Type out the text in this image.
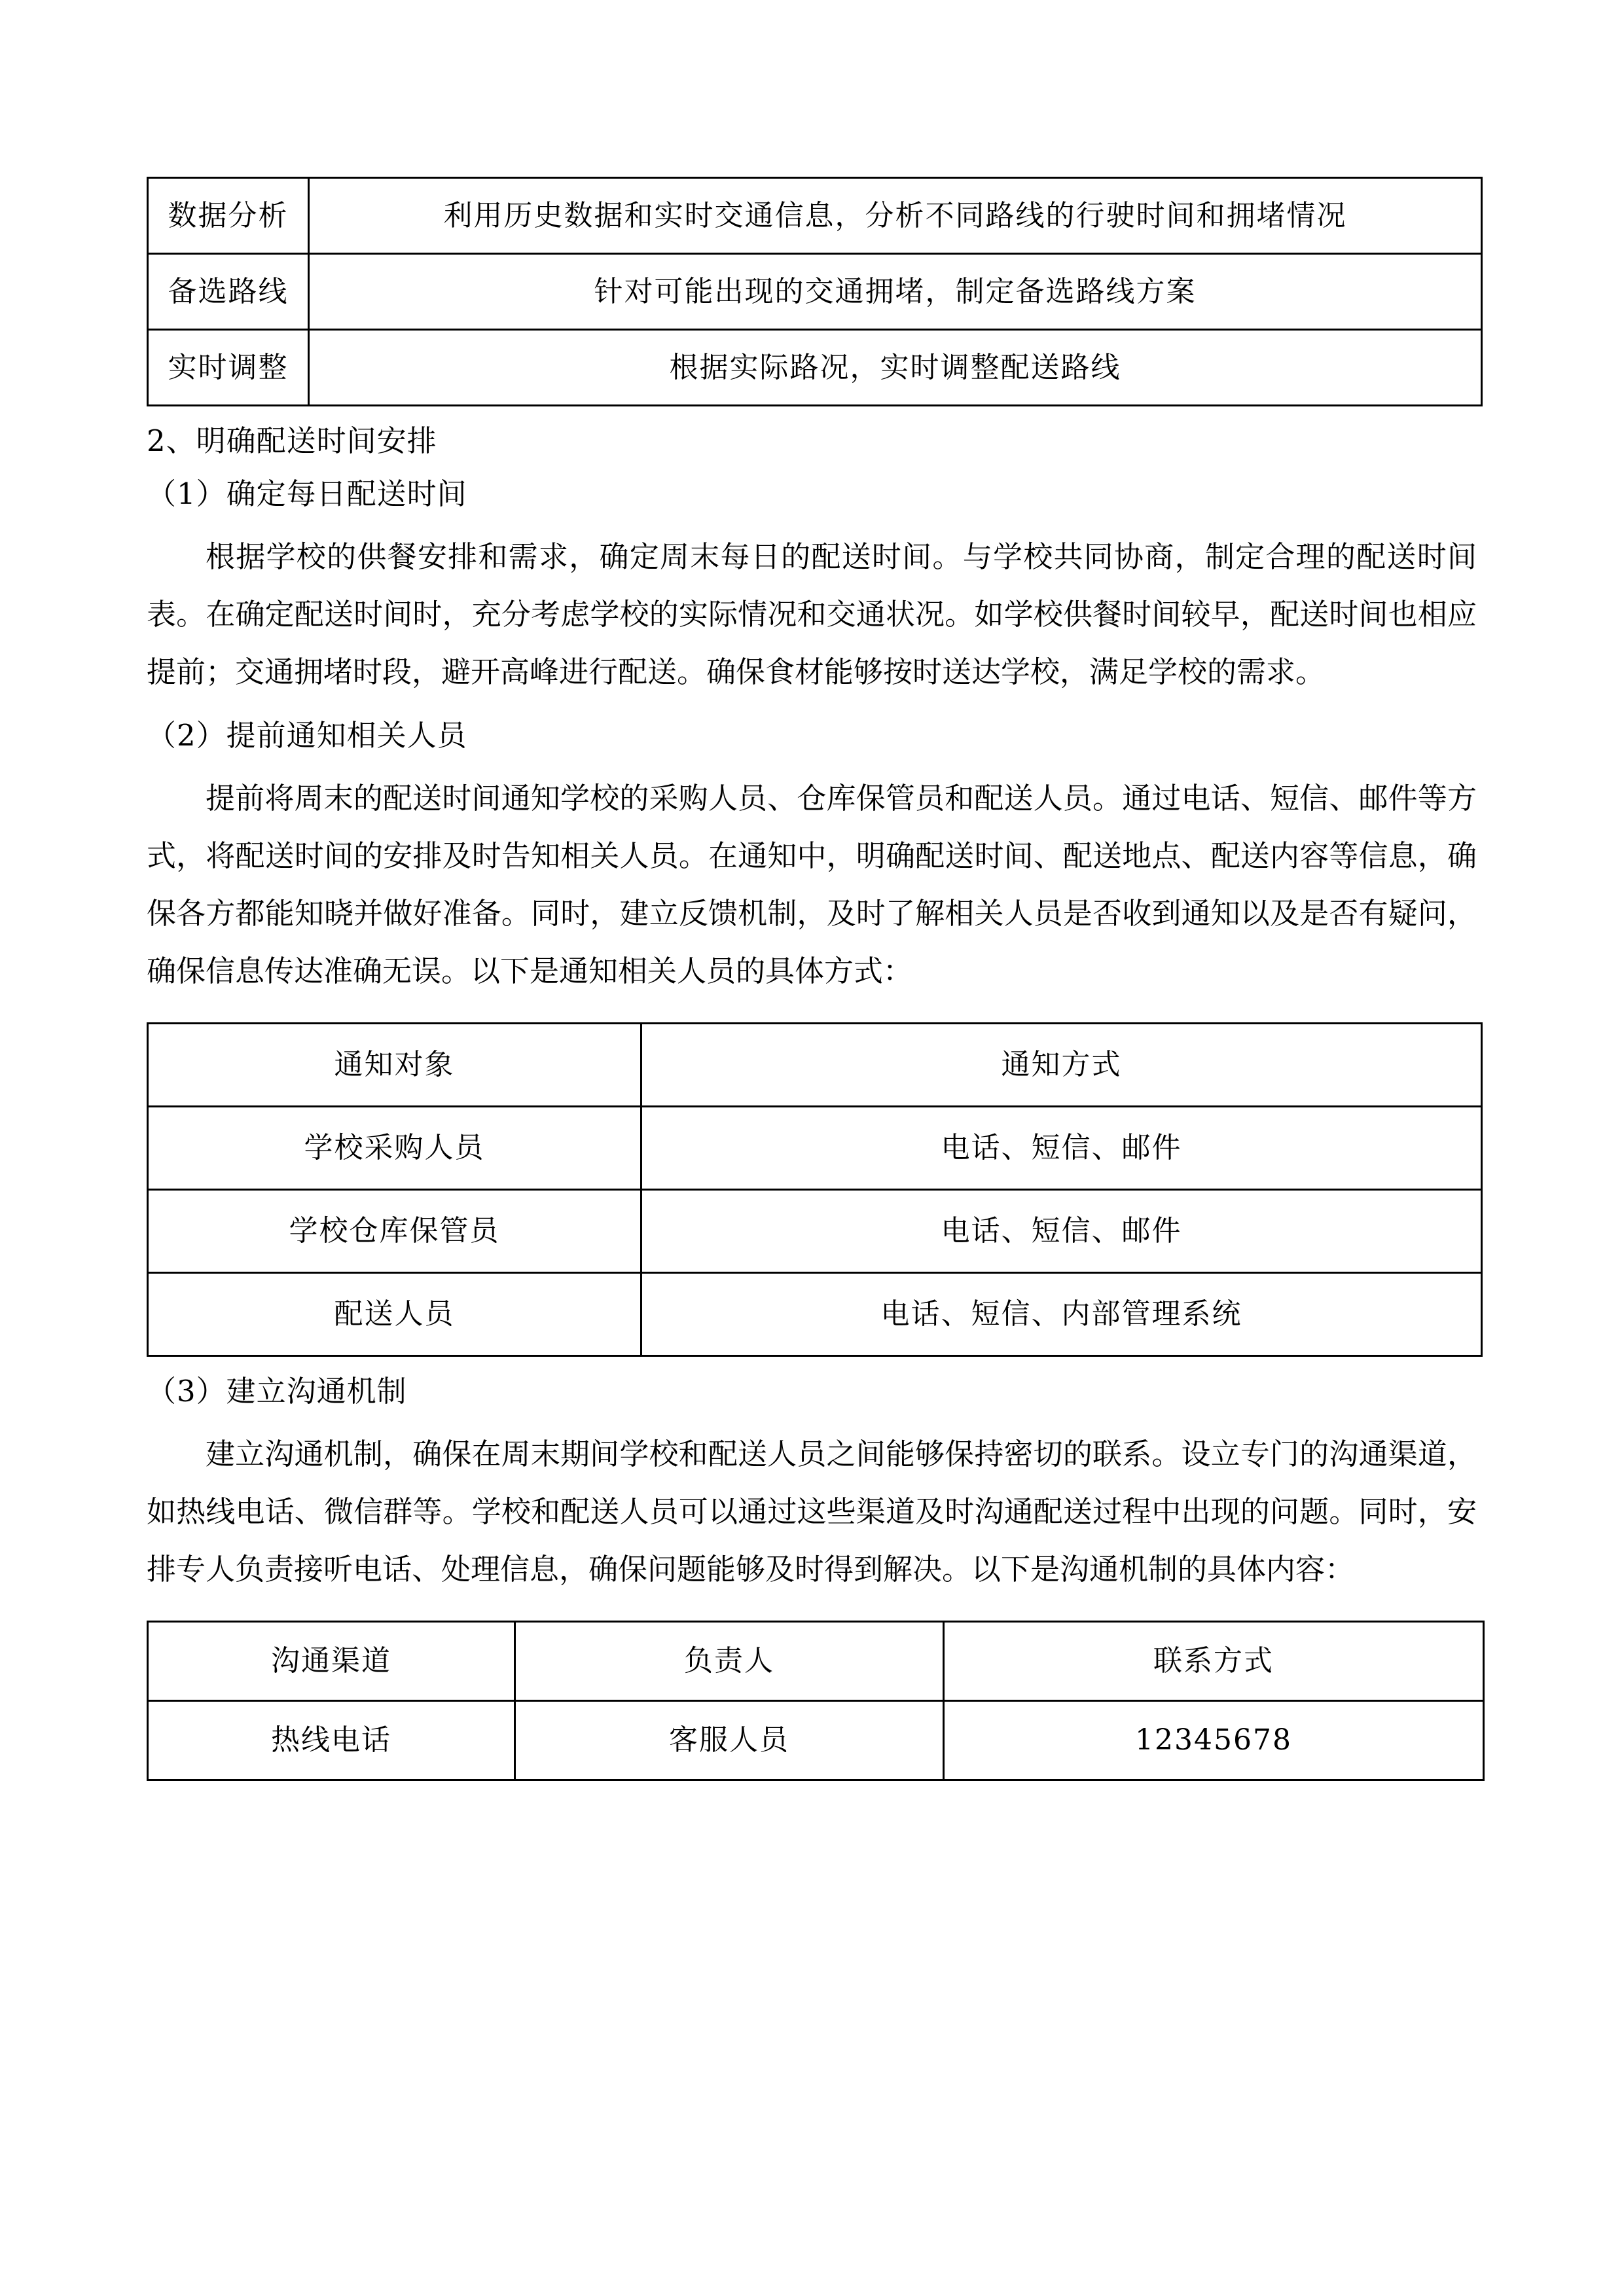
数据分析	利用历史数据和实时交通信息，分析不同路线的行驶时间和拥堵情况
备选路线	针对可能出现的交通拥堵，制定备选路线方案
实时调整	根据实际路况，实时调整配送路线

2、明确配送时间安排

（1）确定每日配送时间

根据学校的供餐安排和需求，确定周末每日的配送时间。与学校共同协商，制定合理的配送时间表。在确定配送时间时，充分考虑学校的实际情况和交通状况。如学校供餐时间较早，配送时间也相应提前；交通拥堵时段，避开高峰进行配送。确保食材能够按时送达学校，满足学校的需求。

（2）提前通知相关人员

提前将周末的配送时间通知学校的采购人员、仓库保管员和配送人员。通过电话、短信、邮件等方式，将配送时间的安排及时告知相关人员。在通知中，明确配送时间、配送地点、配送内容等信息，确保各方都能知晓并做好准备。同时，建立反馈机制，及时了解相关人员是否收到通知以及是否有疑问，确保信息传达准确无误。以下是通知相关人员的具体方式：

通知对象	通知方式
学校采购人员	电话、短信、邮件
学校仓库保管员	电话、短信、邮件
配送人员	电话、短信、内部管理系统

（3）建立沟通机制

建立沟通机制，确保在周末期间学校和配送人员之间能够保持密切的联系。设立专门的沟通渠道，如热线电话、微信群等。学校和配送人员可以通过这些渠道及时沟通配送过程中出现的问题。同时，安排专人负责接听电话、处理信息，确保问题能够及时得到解决。以下是沟通机制的具体内容：

沟通渠道	负责人	联系方式
热线电话	客服人员	12345678
